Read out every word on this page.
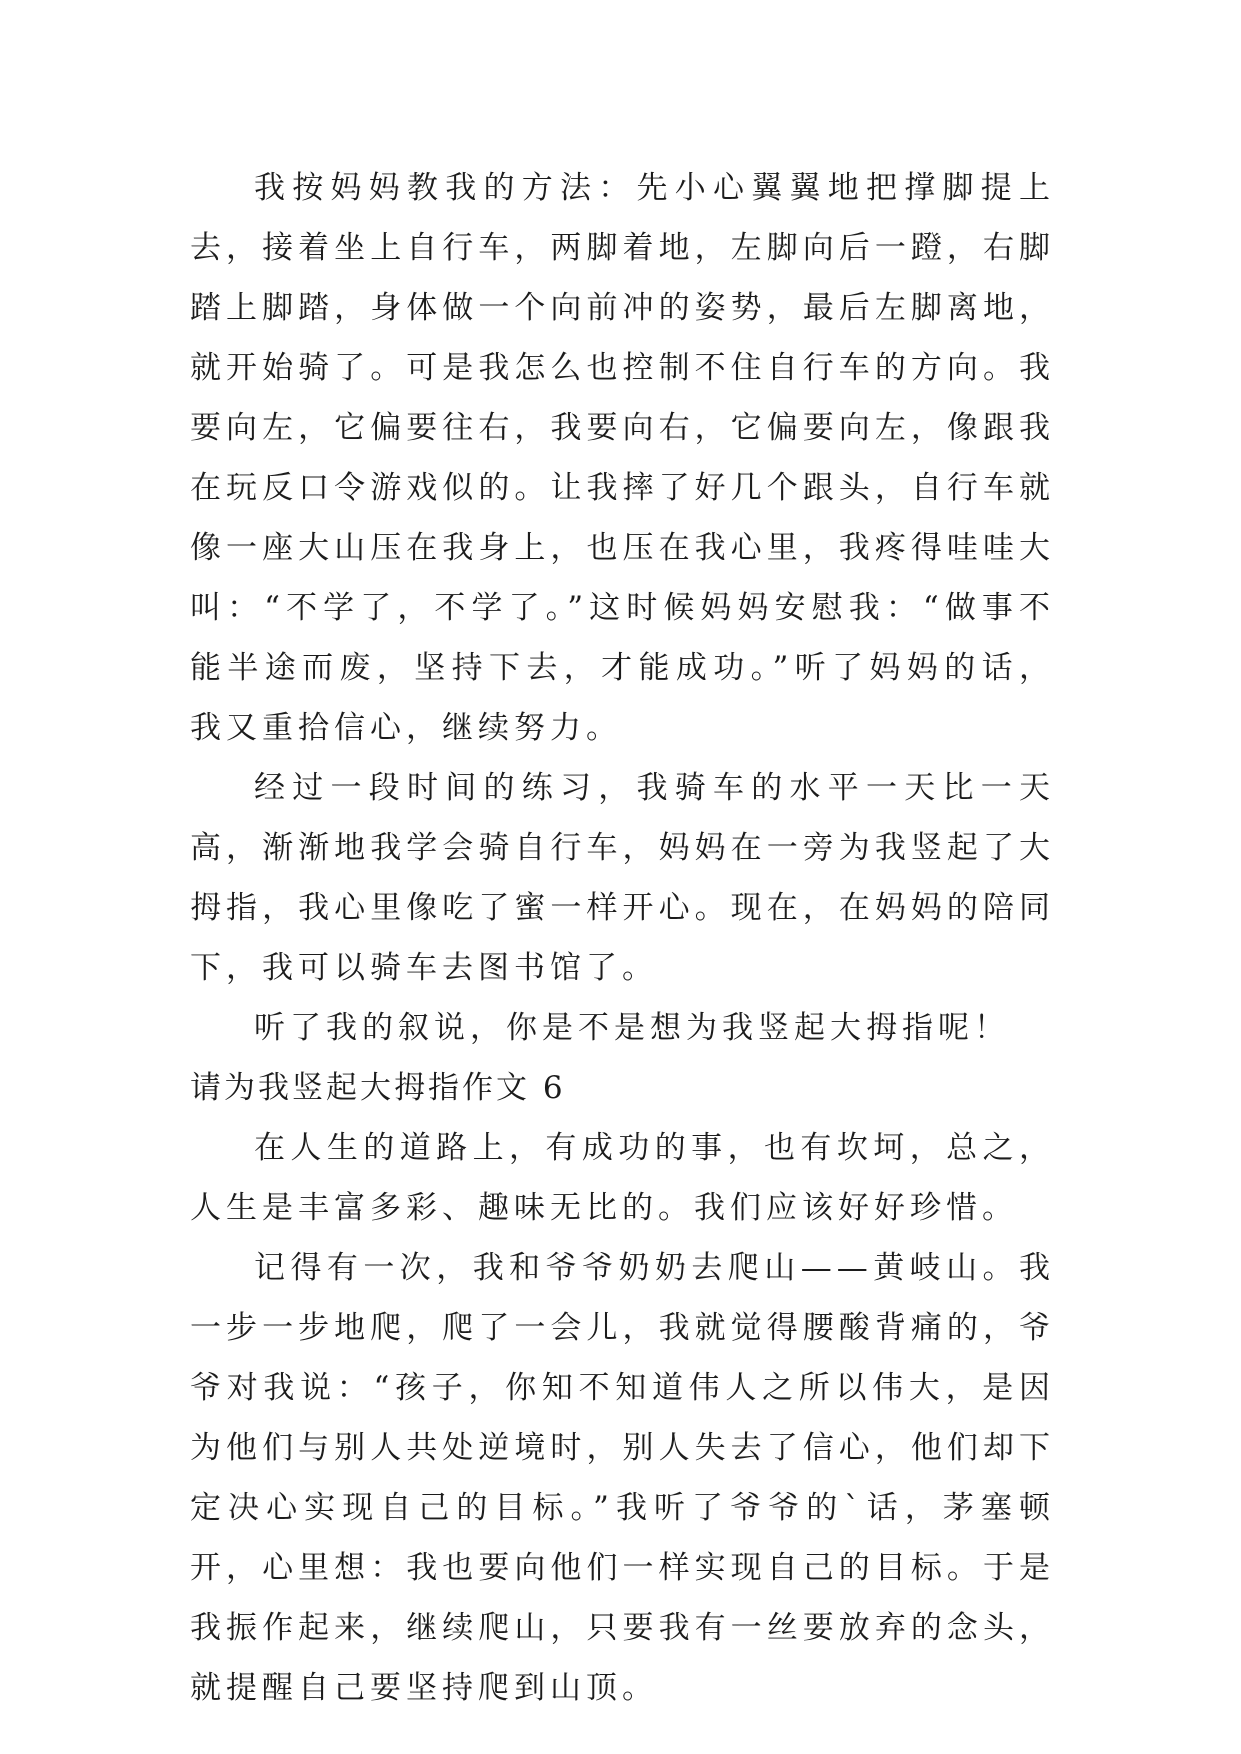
我按妈妈教我的方法：先小心翼翼地把撑脚提上去，接着坐上自行车，两脚着地，左脚向后一蹬，右脚踏上脚踏，身体做一个向前冲的姿势，最后左脚离地，就开始骑了。可是我怎么也控制不住自行车的方向。我要向左，它偏要往右，我要向右，它偏要向左，像跟我在玩反口令游戏似的。让我摔了好几个跟头，自行车就像一座大山压在我身上，也压在我心里，我疼得哇哇大叫：“不学了，不学了。”这时候妈妈安慰我：“做事不能半途而废，坚持下去，才能成功。”听了妈妈的话，我又重拾信心，继续努力。

经过一段时间的练习，我骑车的水平一天比一天高，渐渐地我学会骑自行车，妈妈在一旁为我竖起了大拇指，我心里像吃了蜜一样开心。现在，在妈妈的陪同下，我可以骑车去图书馆了。

听了我的叙说，你是不是想为我竖起大拇指呢！

请为我竖起大拇指作文 6

在人生的道路上，有成功的事，也有坎坷，总之，人生是丰富多彩、趣味无比的。我们应该好好珍惜。

记得有一次，我和爷爷奶奶去爬山——黄岐山。我一步一步地爬，爬了一会儿，我就觉得腰酸背痛的，爷爷对我说：“孩子，你知不知道伟人之所以伟大，是因为他们与别人共处逆境时，别人失去了信心，他们却下定决心实现自己的目标。”我听了爷爷的`话，茅塞顿开，心里想：我也要向他们一样实现自己的目标。于是我振作起来，继续爬山，只要我有一丝要放弃的念头，就提醒自己要坚持爬到山顶。
